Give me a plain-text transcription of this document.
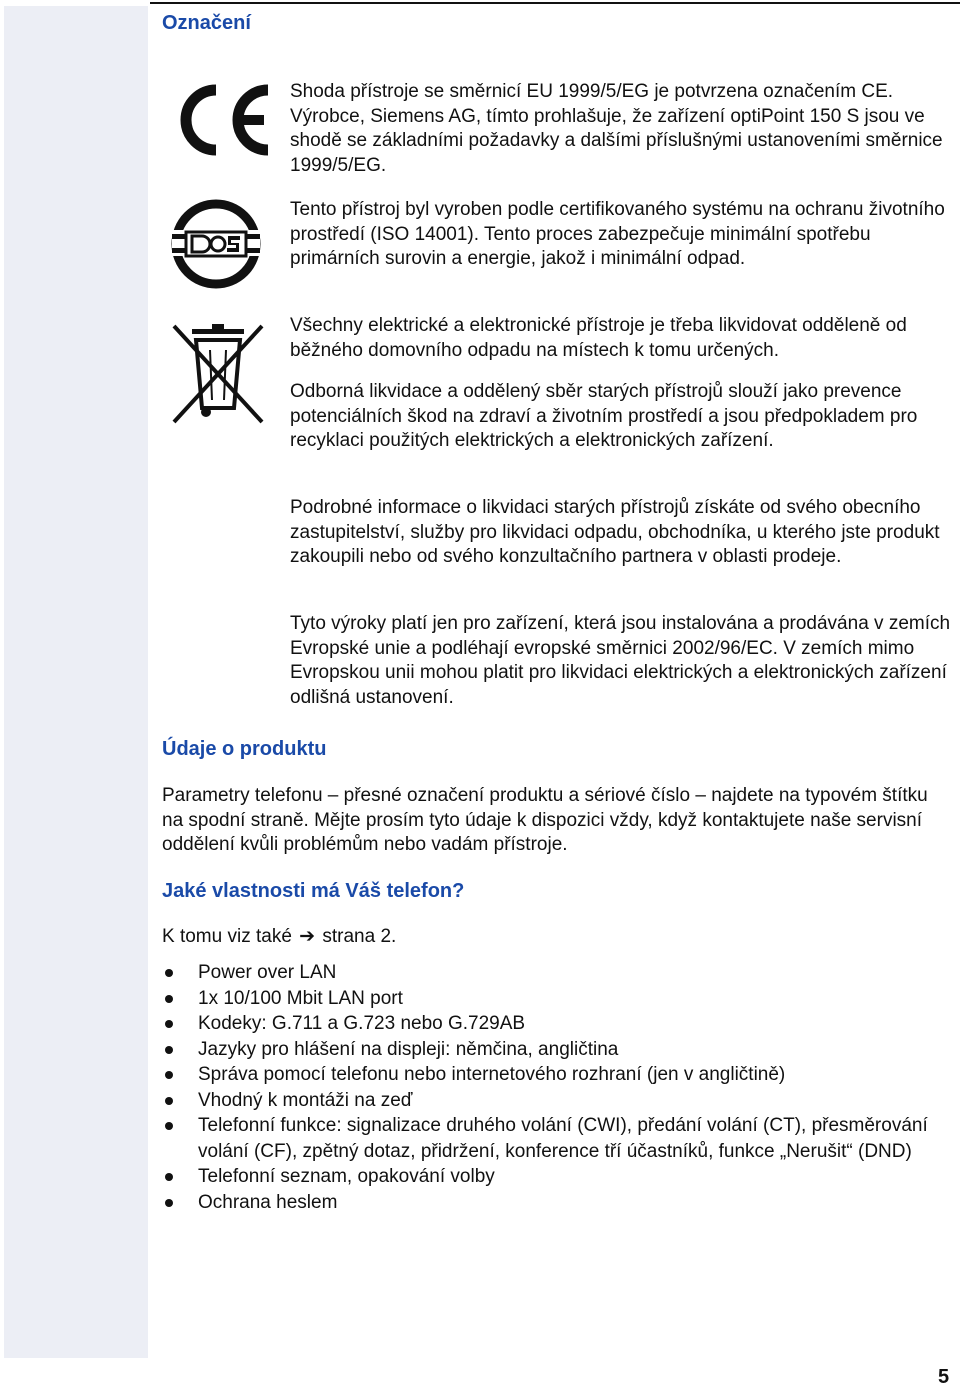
Označení

Shoda přístroje se směrnicí EU 1999/5/EG je potvrzena označením CE. Výrobce, Siemens AG, tímto prohlašuje, že zařízení optiPoint 150 S jsou ve shodě se základními požadavky a dalšími příslušnými ustanoveními směrnice 1999/5/EG.

Tento přístroj byl vyroben podle certifikovaného systému na ochranu životního prostředí (ISO 14001). Tento proces zabezpečuje minimální spotřebu primárních surovin a energie, jakož i minimální odpad.

Všechny elektrické a elektronické přístroje je třeba likvidovat odděleně od běžného domovního odpadu na místech k tomu určených.

Odborná likvidace a oddělený sběr starých přístrojů slouží jako prevence potenciálních škod na zdraví a životním prostředí a jsou předpokladem pro recyklaci použitých elektrických a elektronických zařízení.

Podrobné informace o likvidaci starých přístrojů získáte od svého obecního zastupitelství, služby pro likvidaci odpadu, obchodníka, u kterého jste produkt zakoupili nebo od svého konzultačního partnera v oblasti prodeje.

Tyto výroky platí jen pro zařízení, která jsou instalována a prodávána v zemích Evropské unie a podléhají evropské směrnici 2002/96/EC. V zemích mimo Evropskou unii mohou platit pro likvidaci elektrických a elektronických zařízení odlišná ustanovení.

Údaje o produktu

Parametry telefonu – přesné označení produktu a sériové číslo – najdete na typovém štítku na spodní straně. Mějte prosím tyto údaje k dispozici vždy, když kontaktujete naše servisní oddělení kvůli problémům nebo vadám přístroje.

Jaké vlastnosti má Váš telefon?

K tomu viz také ➔ strana 2.

Power over LAN
1x 10/100 Mbit LAN port
Kodeky: G.711 a G.723 nebo G.729AB
Jazyky pro hlášení na displeji: němčina, angličtina
Správa pomocí telefonu nebo internetového rozhraní (jen v angličtině)
Vhodný k montáži na zeď
Telefonní funkce: signalizace druhého volání (CWI), předání volání (CT), přesměrování volání (CF), zpětný dotaz, přidržení, konference tří účastníků, funkce „Nerušit“ (DND)
Telefonní seznam, opakování volby
Ochrana heslem
5
